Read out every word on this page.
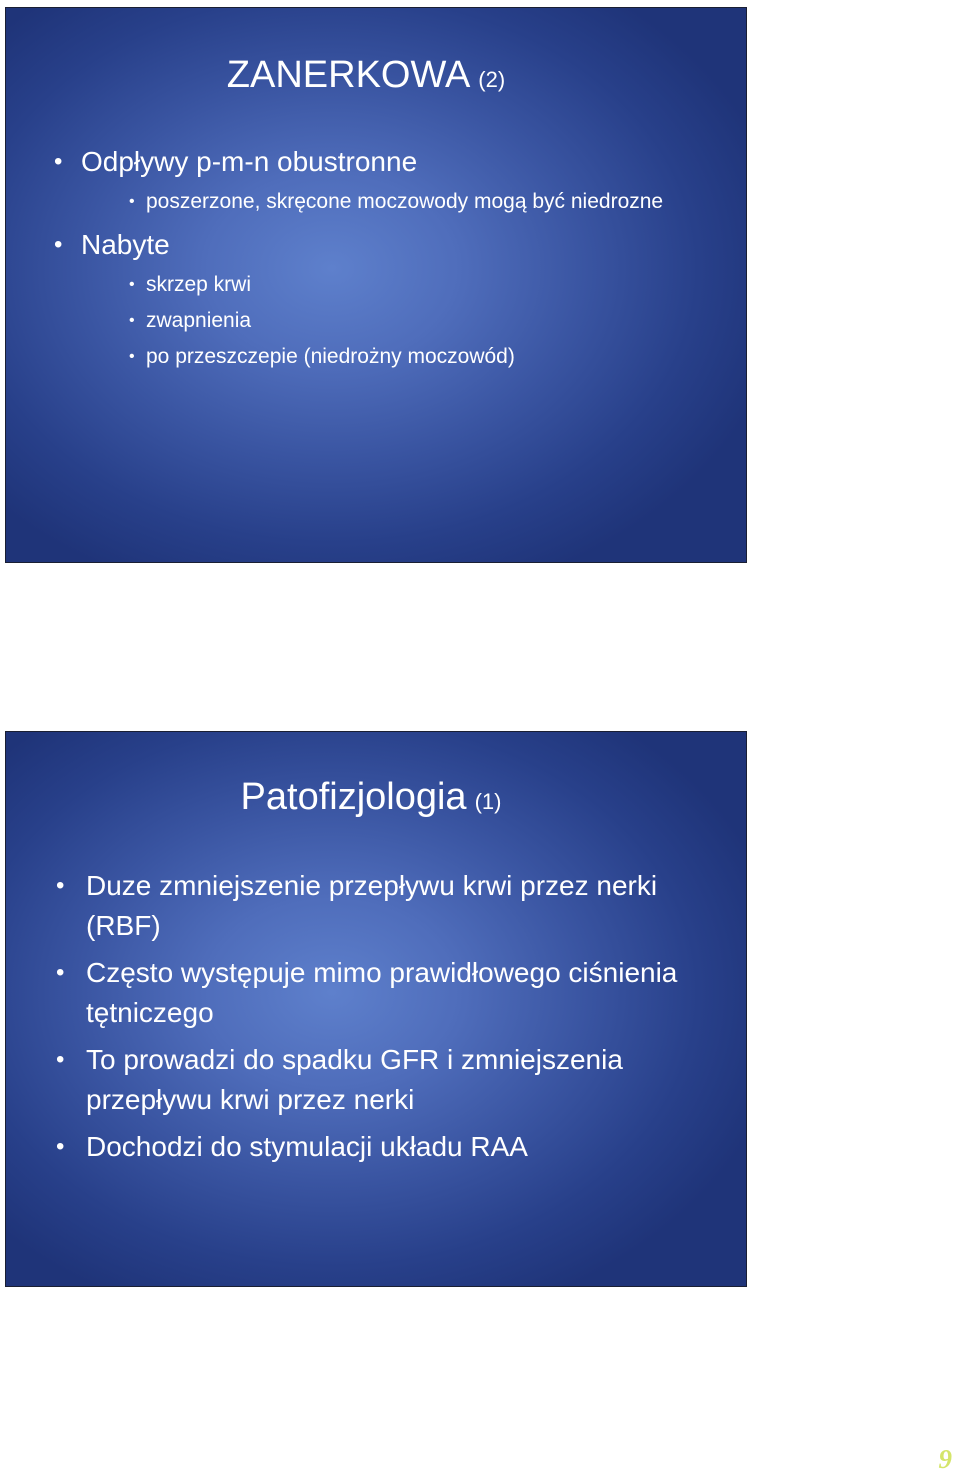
ZANERKOWA (2)
• Odpływy p-m-n obustronne
• poszerzone, skręcone moczowody mogą być niedrozne
• Nabyte
• skrzep krwi
• zwapnienia
• po przeszczepie (niedrożny moczowód)
Patofizjologia (1)
• Duze zmniejszenie przepływu krwi przez nerki (RBF)
• Często występuje mimo prawidłowego ciśnienia tętniczego
• To prowadzi do spadku GFR i zmniejszenia przepływu krwi przez nerki
• Dochodzi do stymulacji układu RAA
9
